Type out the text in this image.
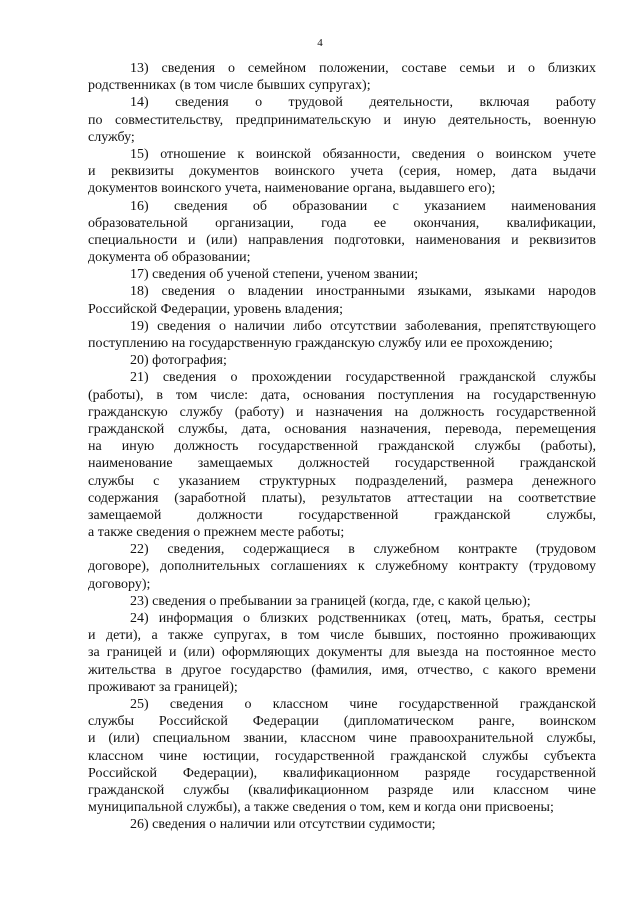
4
13) сведения о семейном положении, составе семьи и о близких
родственниках (в том числе бывших супругах);
14) сведения о трудовой деятельности, включая работу
по совместительству, предпринимательскую и иную деятельность, военную
службу;
15) отношение к воинской обязанности, сведения о воинском учете
и реквизиты документов воинского учета (серия, номер, дата выдачи
документов воинского учета, наименование органа, выдавшего его);
16) сведения об образовании с указанием наименования
образовательной организации, года ее окончания, квалификации,
специальности и (или) направления подготовки, наименования и реквизитов
документа об образовании;
17) сведения об ученой степени, ученом звании;
18) сведения о владении иностранными языками, языками народов
Российской Федерации, уровень владения;
19) сведения о наличии либо отсутствии заболевания, препятствующего
поступлению на государственную гражданскую службу или ее прохождению;
20) фотография;
21) сведения о прохождении государственной гражданской службы
(работы), в том числе: дата, основания поступления на государственную
гражданскую службу (работу) и назначения на должность государственной
гражданской службы, дата, основания назначения, перевода, перемещения
на иную должность государственной гражданской службы (работы),
наименование замещаемых должностей государственной гражданской
службы с указанием структурных подразделений, размера денежного
содержания (заработной платы), результатов аттестации на соответствие
замещаемой должности государственной гражданской службы,
а также сведения о прежнем месте работы;
22) сведения, содержащиеся в служебном контракте (трудовом
договоре), дополнительных соглашениях к служебному контракту (трудовому
договору);
23) сведения о пребывании за границей (когда, где, с какой целью);
24) информация о близких родственниках (отец, мать, братья, сестры
и дети), а также супругах, в том числе бывших, постоянно проживающих
за границей и (или) оформляющих документы для выезда на постоянное место
жительства в другое государство (фамилия, имя, отчество, с какого времени
проживают за границей);
25) сведения о классном чине государственной гражданской
службы Российской Федерации (дипломатическом ранге, воинском
и (или) специальном звании, классном чине правоохранительной службы,
классном чине юстиции, государственной гражданской службы субъекта
Российской Федерации), квалификационном разряде государственной
гражданской службы (квалификационном разряде или классном чине
муниципальной службы), а также сведения о том, кем и когда они присвоены;
26) сведения о наличии или отсутствии судимости;
